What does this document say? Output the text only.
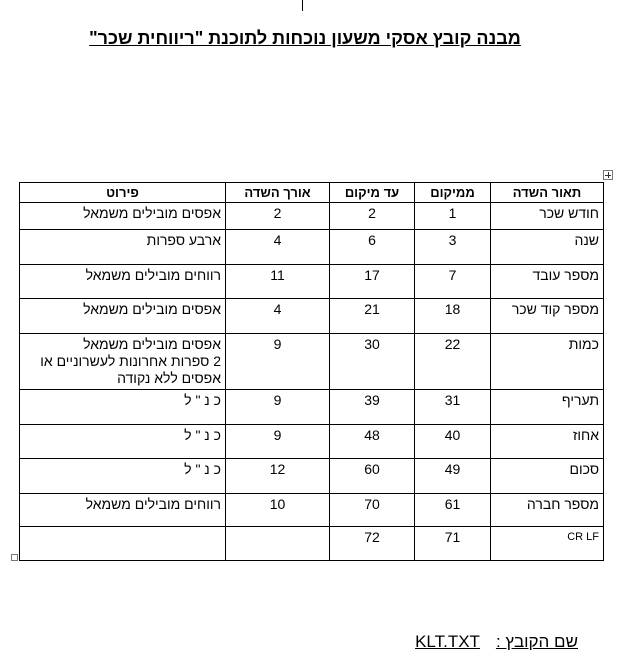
מבנה קובץ אסקי משעון נוכחות לתוכנת "ריווחית שכר"
תאור השדה	ממיקום	עד מיקום	אורך השדה	פירוט
חודש שכר	1	2	2	אפסים מובילים משמאל
שנה	3	6	4	ארבע ספרות
מספר עובד	7	17	11	רווחים מובילים משמאל
מספר קוד שכר	18	21	4	אפסים מובילים משמאל
כמות	22	30	9	אפסים מובילים משמאל
2 ספרות אחרונות לעשרוניים או
אפסים ללא נקודה
תעריף	31	39	9	כ נ " ל
אחוז	40	48	9	כ נ " ל
סכום	49	60	12	כ נ " ל
מספר חברה	61	70	10	רווחים מובילים משמאל
CR LF	71	72		
שם הקובץ :KLT.TXT
